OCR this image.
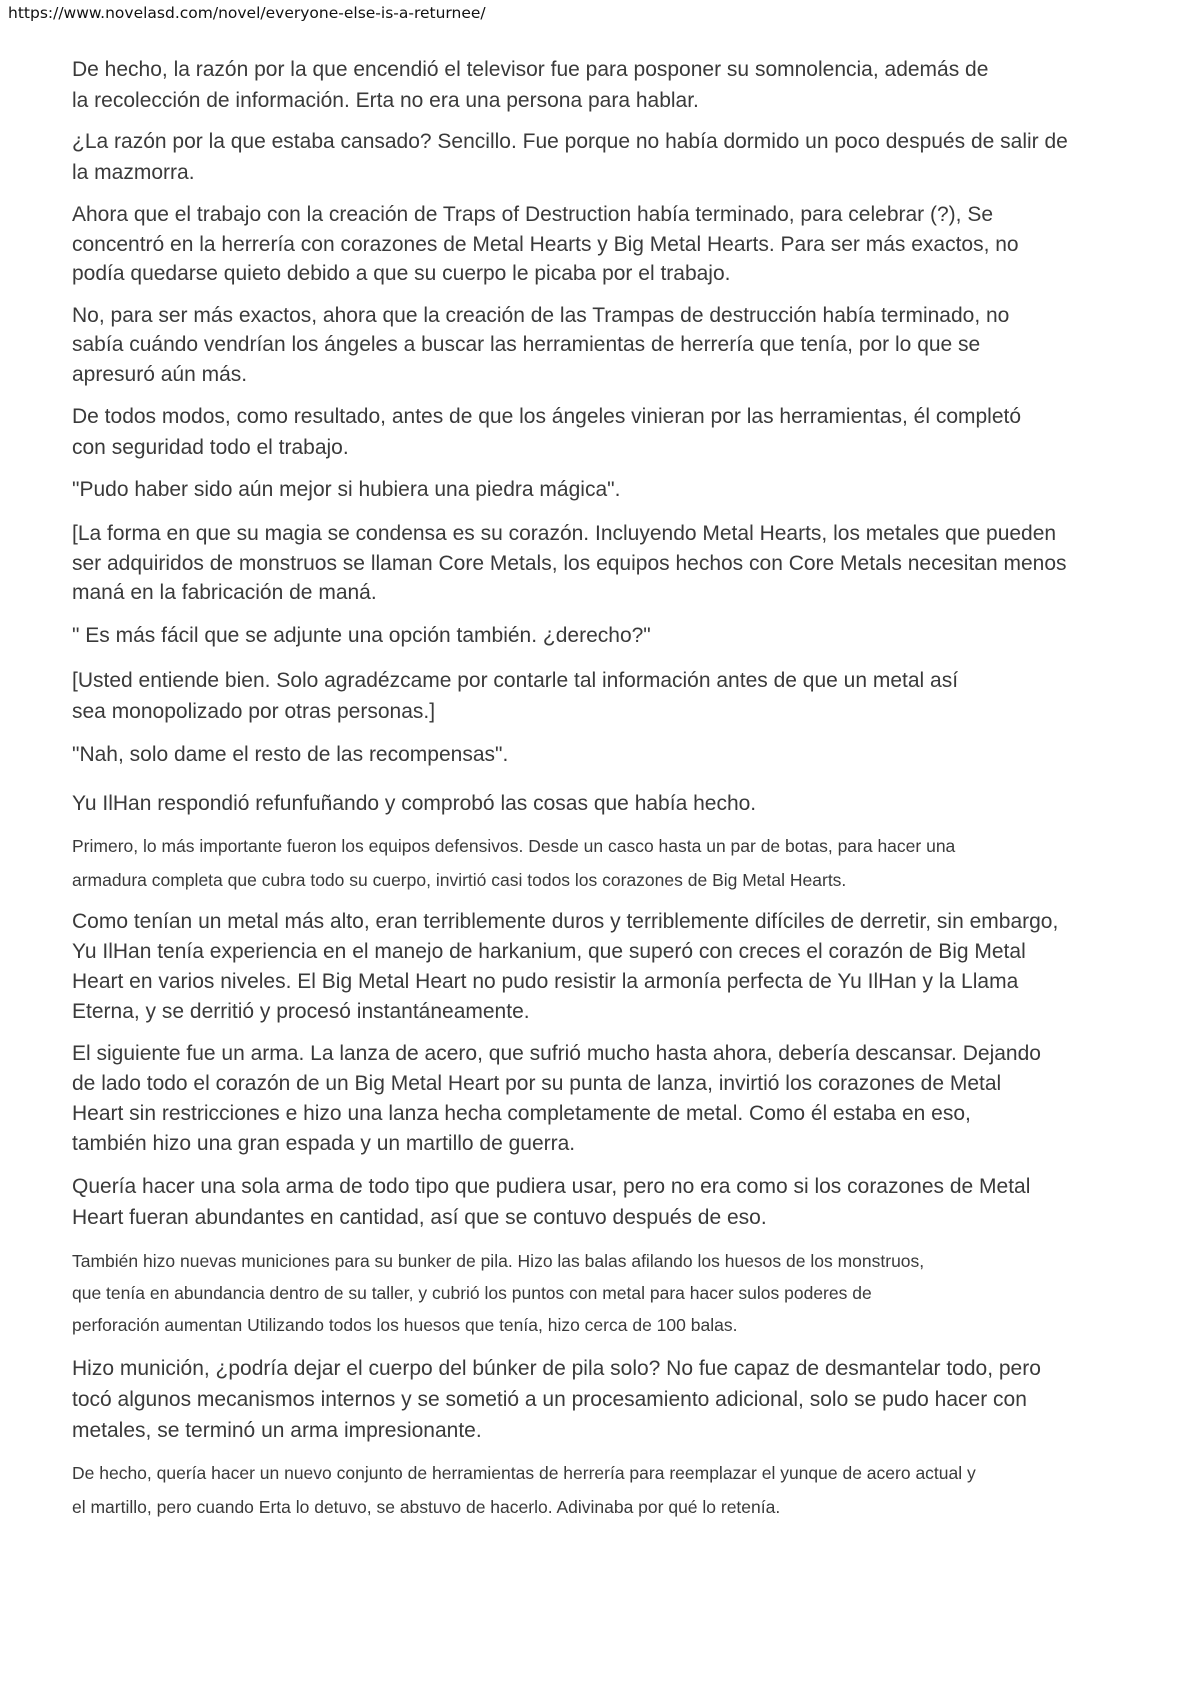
https://www.novelasd.com/novel/everyone-else-is-a-returnee/

De hecho, la razón por la que encendió el televisor fue para posponer su somnolencia, además de
la recolección de información. Erta no era una persona para hablar.

¿La razón por la que estaba cansado? Sencillo. Fue porque no había dormido un poco después de salir de
la mazmorra.

Ahora que el trabajo con la creación de Traps of Destruction había terminado, para celebrar (?), Se
concentró en la herrería con corazones de Metal Hearts y Big Metal Hearts. Para ser más exactos, no
podía quedarse quieto debido a que su cuerpo le picaba por el trabajo.

No, para ser más exactos, ahora que la creación de las Trampas de destrucción había terminado, no
sabía cuándo vendrían los ángeles a buscar las herramientas de herrería que tenía, por lo que se
apresuró aún más.

De todos modos, como resultado, antes de que los ángeles vinieran por las herramientas, él completó
con seguridad todo el trabajo.

"Pudo haber sido aún mejor si hubiera una piedra mágica".

[La forma en que su magia se condensa es su corazón. Incluyendo Metal Hearts, los metales que pueden
ser adquiridos de monstruos se llaman Core Metals, los equipos hechos con Core Metals necesitan menos
maná en la fabricación de maná.

" Es más fácil que se adjunte una opción también. ¿derecho?"

[Usted entiende bien. Solo agradézcame por contarle tal información antes de que un metal así
sea monopolizado por otras personas.]

"Nah, solo dame el resto de las recompensas".

Yu IlHan respondió refunfuñando y comprobó las cosas que había hecho.

Primero, lo más importante fueron los equipos defensivos. Desde un casco hasta un par de botas, para hacer una
armadura completa que cubra todo su cuerpo, invirtió casi todos los corazones de Big Metal Hearts.

Como tenían un metal más alto, eran terriblemente duros y terriblemente difíciles de derretir, sin embargo,
Yu IlHan tenía experiencia en el manejo de harkanium, que superó con creces el corazón de Big Metal
Heart en varios niveles. El Big Metal Heart no pudo resistir la armonía perfecta de Yu IlHan y la Llama
Eterna, y se derritió y procesó instantáneamente.

El siguiente fue un arma. La lanza de acero, que sufrió mucho hasta ahora, debería descansar. Dejando
de lado todo el corazón de un Big Metal Heart por su punta de lanza, invirtió los corazones de Metal
Heart sin restricciones e hizo una lanza hecha completamente de metal. Como él estaba en eso,
también hizo una gran espada y un martillo de guerra.

Quería hacer una sola arma de todo tipo que pudiera usar, pero no era como si los corazones de Metal
Heart fueran abundantes en cantidad, así que se contuvo después de eso.

También hizo nuevas municiones para su bunker de pila. Hizo las balas afilando los huesos de los monstruos,
que tenía en abundancia dentro de su taller, y cubrió los puntos con metal para hacer sulos poderes de
perforación aumentan Utilizando todos los huesos que tenía, hizo cerca de 100 balas.

Hizo munición, ¿podría dejar el cuerpo del búnker de pila solo? No fue capaz de desmantelar todo, pero
tocó algunos mecanismos internos y se sometió a un procesamiento adicional, solo se pudo hacer con
metales, se terminó un arma impresionante.

De hecho, quería hacer un nuevo conjunto de herramientas de herrería para reemplazar el yunque de acero actual y
el martillo, pero cuando Erta lo detuvo, se abstuvo de hacerlo. Adivinaba por qué lo retenía.
